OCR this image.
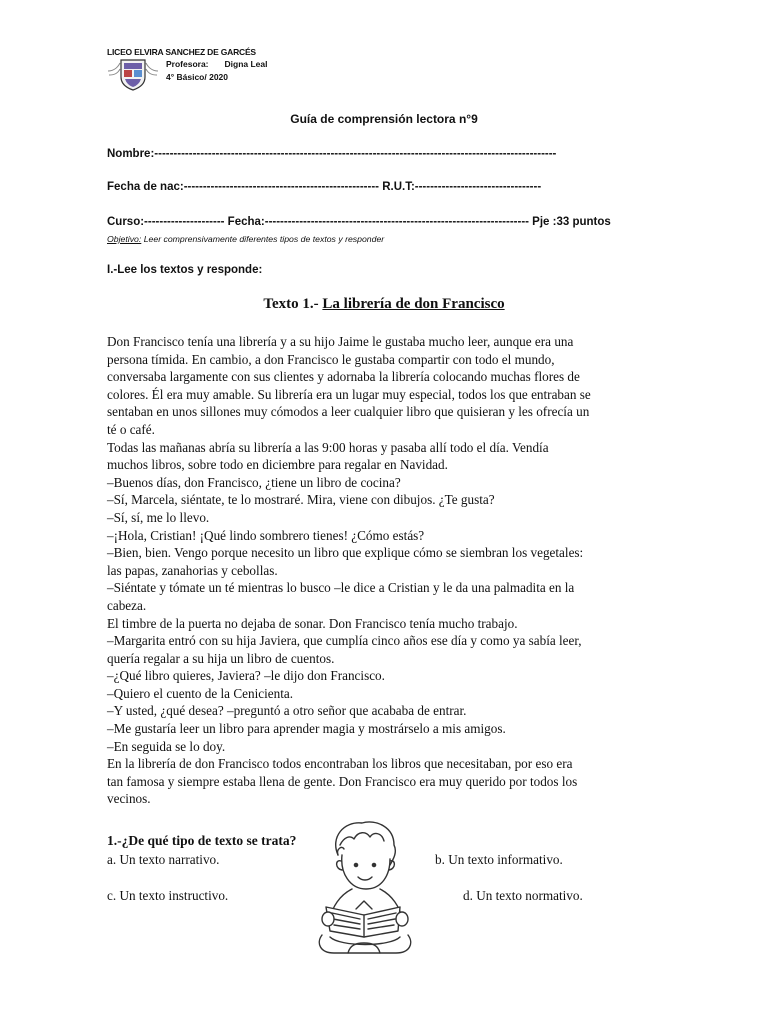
LICEO ELVIRA SANCHEZ DE GARCÉS
Profesora: Digna Leal
4° Básico/ 2020
Guía de comprensión lectora n°9
Nombre:---------------------------------------------------------------------------------------------------------
Fecha de nac:--------------------------------------------------- R.U.T:---------------------------------
Curso:--------------------- Fecha:--------------------------------------------------------------------- Pje :33 puntos
Objetivo: Leer comprensivamente diferentes tipos de textos y responder
I.-Lee los textos y responde:
Texto 1.- La librería de don Francisco
Don Francisco tenía una librería y a su hijo Jaime le gustaba mucho leer, aunque era una
persona tímida. En cambio, a don Francisco le gustaba compartir con todo el mundo,
conversaba largamente con sus clientes y adornaba la librería colocando muchas flores de
colores. Él era muy amable. Su librería era un lugar muy especial, todos los que entraban se
sentaban en unos sillones muy cómodos a leer cualquier libro que quisieran y les ofrecía un
té o café.
Todas las mañanas abría su librería a las 9:00 horas y pasaba allí todo el día. Vendía
muchos libros, sobre todo en diciembre para regalar en Navidad.
–Buenos días, don Francisco, ¿tiene un libro de cocina?
–Sí, Marcela, siéntate, te lo mostraré. Mira, viene con dibujos. ¿Te gusta?
–Sí, sí, me lo llevo.
–¡Hola, Cristian! ¡Qué lindo sombrero tienes! ¿Cómo estás?
–Bien, bien. Vengo porque necesito un libro que explique cómo se siembran los vegetales:
las papas, zanahorias y cebollas.
–Siéntate y tómate un té mientras lo busco –le dice a Cristian y le da una palmadita en la
cabeza.
El timbre de la puerta no dejaba de sonar. Don Francisco tenía mucho trabajo.
–Margarita entró con su hija Javiera, que cumplía cinco años ese día y como ya sabía leer,
quería regalar a su hija un libro de cuentos.
–¿Qué libro quieres, Javiera? –le dijo don Francisco.
–Quiero el cuento de la Cenicienta.
–Y usted, ¿qué desea? –preguntó a otro señor que acababa de entrar.
–Me gustaría leer un libro para aprender magia y mostrárselo a mis amigos.
–En seguida se lo doy.
En la librería de don Francisco todos encontraban los libros que necesitaban, por eso era
tan famosa y siempre estaba llena de gente. Don Francisco era muy querido por todos los
vecinos.
1.-¿De qué tipo de texto se trata?
a. Un texto narrativo.	b. Un texto informativo.
c. Un texto instructivo.	d. Un texto normativo.
